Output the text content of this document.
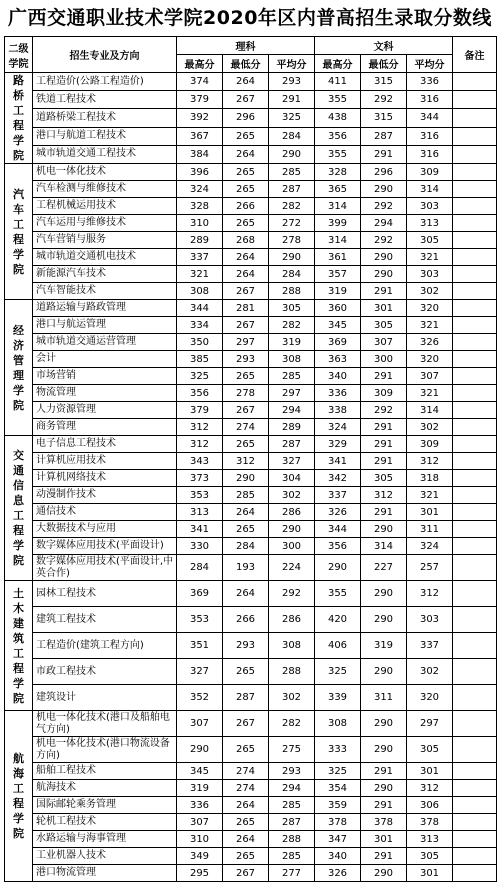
广西交通职业技术学院2020年区内普高招生录取分数线
二级学院	招生专业及方向	理科			文科			备注
		最高分	最低分	平均分	最高分	最低分	平均分	
路桥工程学院	工程造价(公路工程造价)	374	264	293	411	315	336	
	铁道工程技术	379	267	291	355	292	316	
	道路桥梁工程技术	392	296	325	438	315	344	
	港口与航道工程技术	367	265	284	356	287	316	
	城市轨道交通工程技术	384	264	290	355	291	316	
汽车工程学院	机电一体化技术	396	265	285	328	296	309	
	汽车检测与维修技术	324	265	287	365	290	314	
	工程机械运用技术	328	266	282	314	292	303	
	汽车运用与维修技术	310	265	272	399	294	313	
	汽车营销与服务	289	268	278	314	292	305	
	城市轨道交通机电技术	337	264	290	361	290	321	
	新能源汽车技术	321	264	284	357	290	303	
	汽车智能技术	308	267	288	319	291	302	
经济管理学院	道路运输与路政管理	344	281	305	360	301	320	
	港口与航运管理	334	267	282	345	305	321	
	城市轨道交通运营管理	350	297	319	369	307	326	
	会计	385	293	308	363	300	320	
	市场营销	325	265	285	340	291	307	
	物流管理	356	278	297	336	309	321	
	人力资源管理	379	267	294	338	292	314	
	商务管理	312	274	289	324	291	302	
交通信息工程学院	电子信息工程技术	312	265	287	329	291	309	
	计算机应用技术	343	312	327	341	291	312	
	计算机网络技术	373	290	304	342	305	318	
	动漫制作技术	353	285	302	337	312	321	
	通信技术	313	264	286	326	291	301	
	大数据技术与应用	341	265	290	344	290	311	
	数字媒体应用技术(平面设计)	330	284	300	356	314	324	
	数字媒体应用技术(平面设计,中英合作)	284	193	224	290	227	257	
土木建筑工程学院	园林工程技术	369	264	292	355	290	312	
	建筑工程技术	353	266	286	420	290	303	
	工程造价(建筑工程方向)	351	293	308	406	319	337	
	市政工程技术	327	265	288	325	290	302	
	建筑设计	352	287	302	339	311	320	
航海工程学院	机电一体化技术(港口及船舶电气方向)	307	267	282	308	290	297	
	机电一体化技术(港口物流设备方向)	290	265	275	333	290	305	
	船舶工程技术	345	274	293	325	291	301	
	航海技术	319	274	294	354	290	312	
	国际邮轮乘务管理	336	264	285	359	291	306	
	轮机工程技术	307	265	287	378	378	378	
	水路运输与海事管理	310	264	288	347	301	313	
	工业机器人技术	349	265	285	340	291	305	
	港口物流管理	295	267	277	326	290	301	
